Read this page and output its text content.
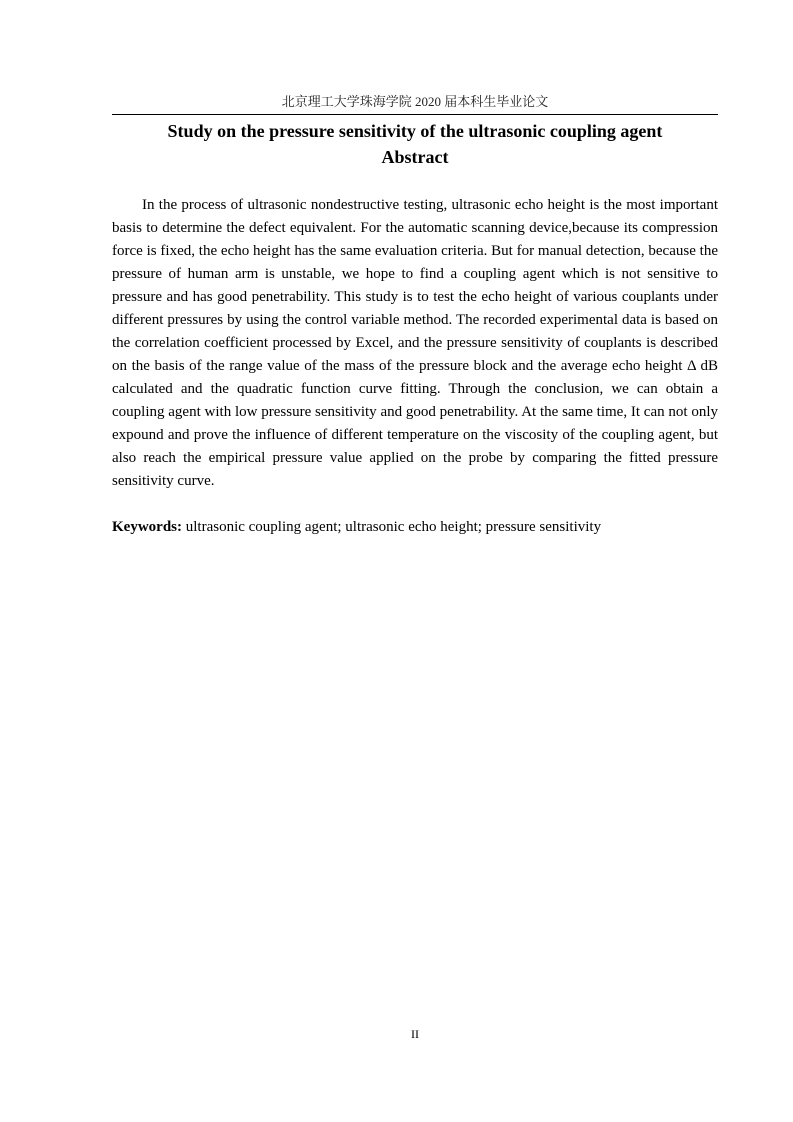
北京理工大学珠海学院 2020 届本科生毕业论文
Study on the pressure sensitivity of the ultrasonic coupling agent
Abstract

In the process of ultrasonic nondestructive testing, ultrasonic echo height is the most important basis to determine the defect equivalent. For the automatic scanning device,because its compression force is fixed, the echo height has the same evaluation criteria. But for manual detection, because the pressure of human arm is unstable, we hope to find a coupling agent which is not sensitive to pressure and has good penetrability. This study is to test the echo height of various couplants under different pressures by using the control variable method. The recorded experimental data is based on the correlation coefficient processed by Excel, and the pressure sensitivity of couplants is described on the basis of the range value of the mass of the pressure block and the average echo height Δ dB calculated and the quadratic function curve fitting. Through the conclusion, we can obtain a coupling agent with low pressure sensitivity and good penetrability. At the same time, It can not only expound and prove the influence of different temperature on the viscosity of the coupling agent, but also reach the empirical pressure value applied on the probe by comparing the fitted pressure sensitivity curve.

Keywords: ultrasonic coupling agent; ultrasonic echo height; pressure sensitivity

II
